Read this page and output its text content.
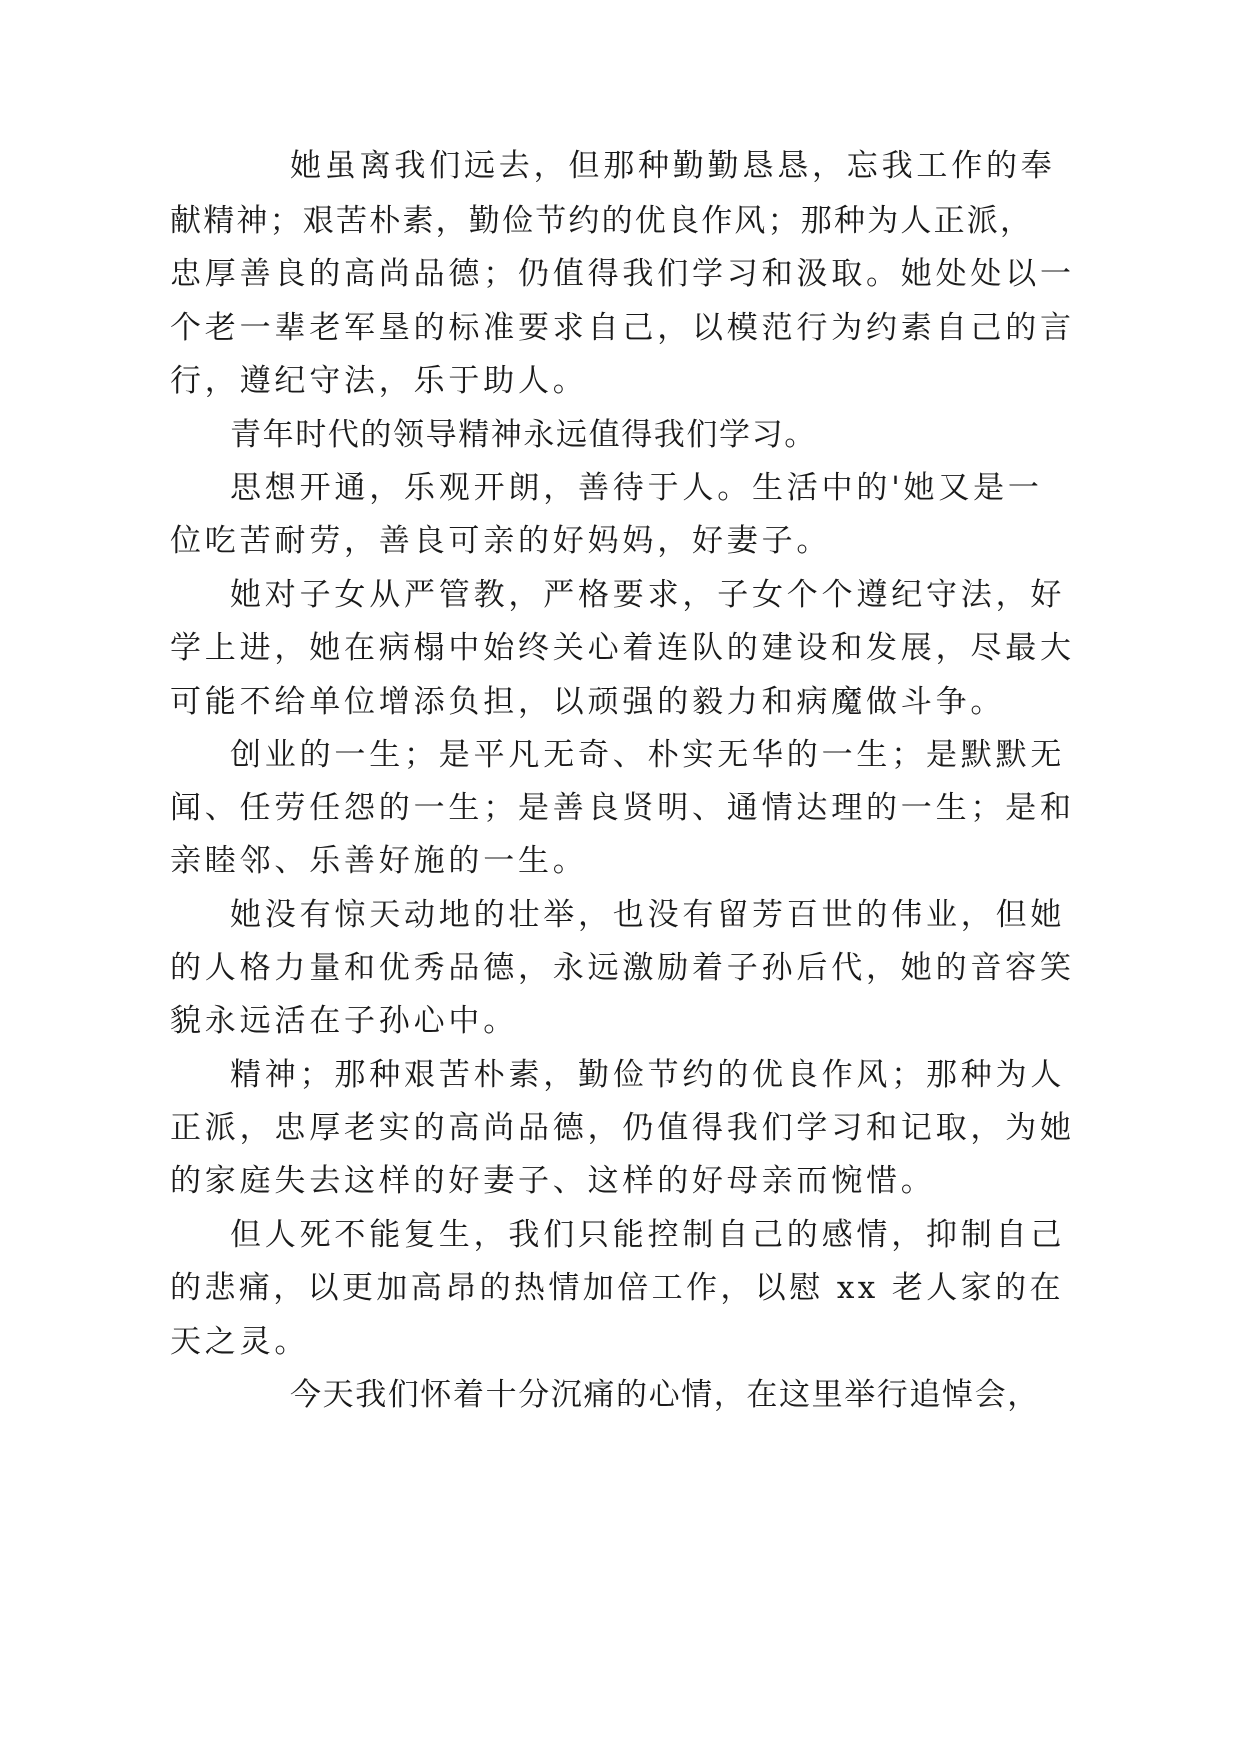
她虽离我们远去，但那种勤勤恳恳，忘我工作的奉
献精神；艰苦朴素，勤俭节约的优良作风；那种为人正派，
忠厚善良的高尚品德；仍值得我们学习和汲取。她处处以一
个老一辈老军垦的标准要求自己，以模范行为约素自己的言
行，遵纪守法，乐于助人。
青年时代的领导精神永远值得我们学习。
思想开通，乐观开朗，善待于人。生活中的'她又是一
位吃苦耐劳，善良可亲的好妈妈，好妻子。
她对子女从严管教，严格要求，子女个个遵纪守法，好
学上进，她在病榻中始终关心着连队的建设和发展，尽最大
可能不给单位增添负担，以顽强的毅力和病魔做斗争。
创业的一生；是平凡无奇、朴实无华的一生；是默默无
闻、任劳任怨的一生；是善良贤明、通情达理的一生；是和
亲睦邻、乐善好施的一生。
她没有惊天动地的壮举，也没有留芳百世的伟业，但她
的人格力量和优秀品德，永远激励着子孙后代，她的音容笑
貌永远活在子孙心中。
精神；那种艰苦朴素，勤俭节约的优良作风；那种为人
正派，忠厚老实的高尚品德，仍值得我们学习和记取，为她
的家庭失去这样的好妻子、这样的好母亲而惋惜。
但人死不能复生，我们只能控制自己的感情，抑制自己
的悲痛，以更加高昂的热情加倍工作，以慰 xx 老人家的在
天之灵。
今天我们怀着十分沉痛的心情，在这里举行追悼会，
